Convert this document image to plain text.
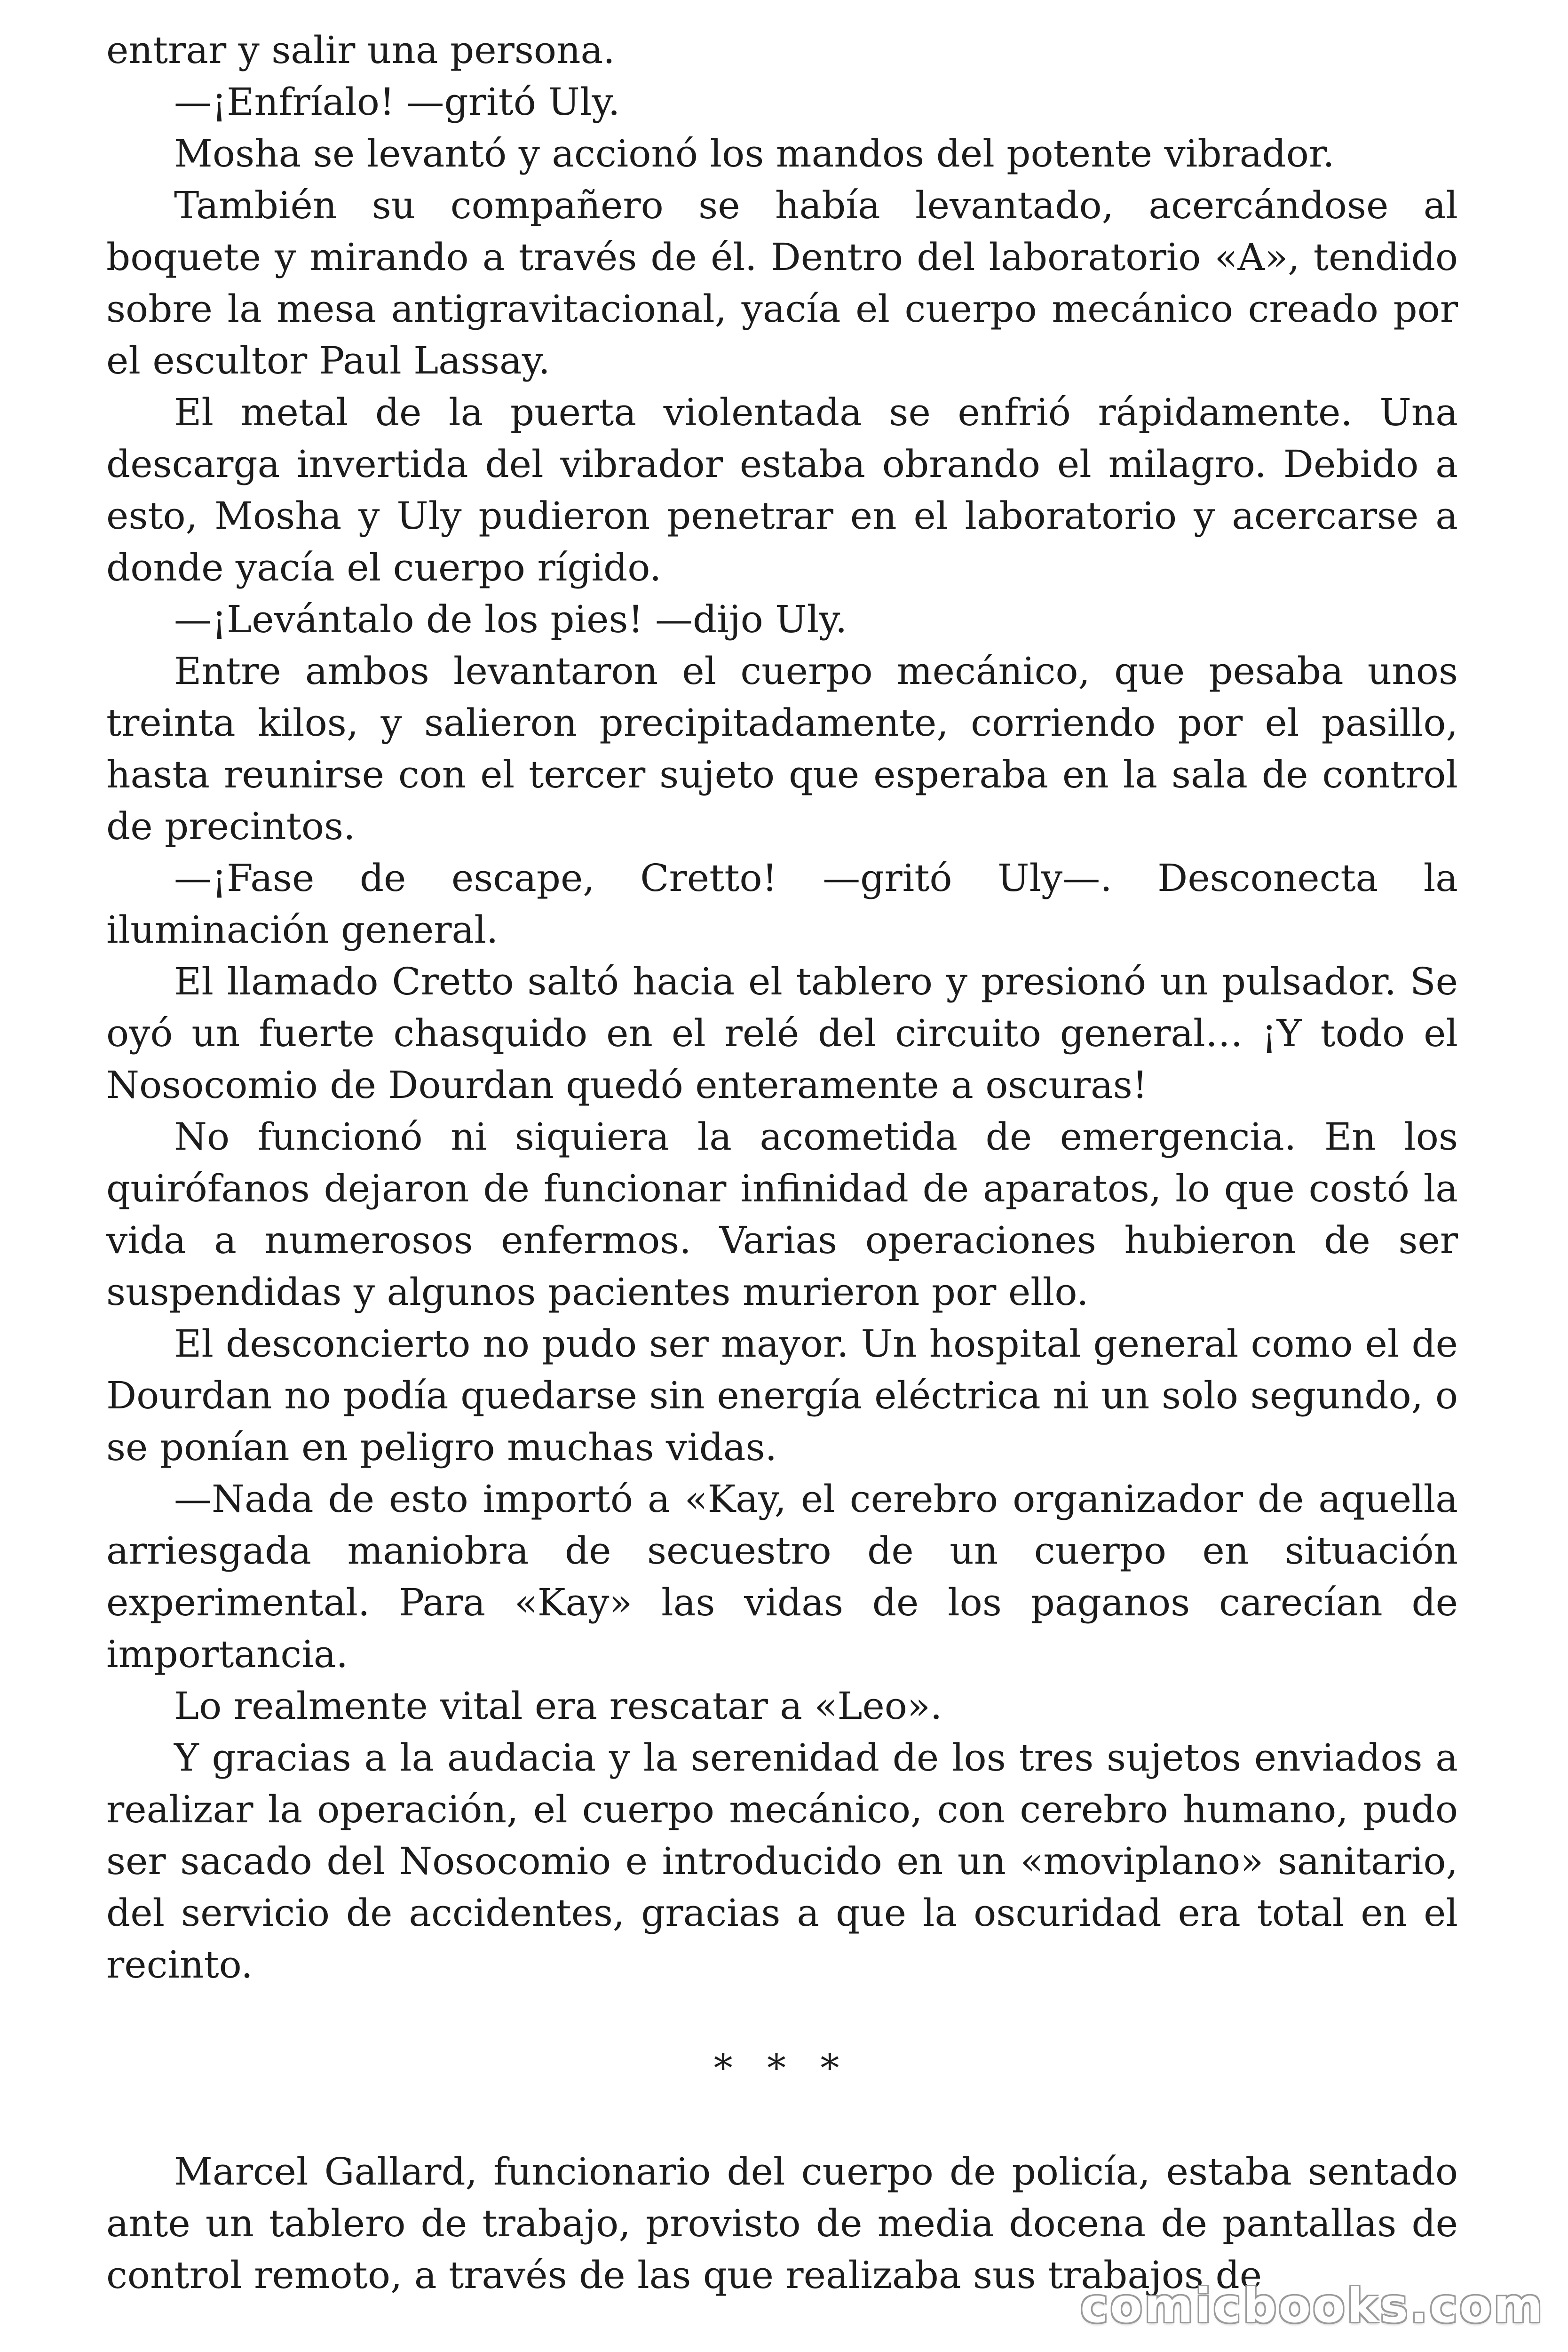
entrar y salir una persona.

—¡Enfríalo! —gritó Uly.

Mosha se levantó y accionó los mandos del potente vibrador.

También su compañero se había levantado, acercándose al boquete y mirando a través de él. Dentro del laboratorio «A», tendido sobre la mesa antigravitacional, yacía el cuerpo mecánico creado por el escultor Paul Lassay.

El metal de la puerta violentada se enfrió rápidamente. Una descarga invertida del vibrador estaba obrando el milagro. Debido a esto, Mosha y Uly pudieron penetrar en el laboratorio y acercarse a donde yacía el cuerpo rígido.

—¡Levántalo de los pies! —dijo Uly.

Entre ambos levantaron el cuerpo mecánico, que pesaba unos treinta kilos, y salieron precipitadamente, corriendo por el pasillo, hasta reunirse con el tercer sujeto que esperaba en la sala de control de precintos.

—¡Fase de escape, Cretto! —gritó Uly—. Desconecta la iluminación general.

El llamado Cretto saltó hacia el tablero y presionó un pulsador. Se oyó un fuerte chasquido en el relé del circuito general… ¡Y todo el Nosocomio de Dourdan quedó enteramente a oscuras!

No funcionó ni siquiera la acometida de emergencia. En los quirófanos dejaron de funcionar infinidad de aparatos, lo que costó la vida a numerosos enfermos. Varias operaciones hubieron de ser suspendidas y algunos pacientes murieron por ello.

El desconcierto no pudo ser mayor. Un hospital general como el de Dourdan no podía quedarse sin energía eléctrica ni un solo segundo, o se ponían en peligro muchas vidas.

—Nada de esto importó a «Kay, el cerebro organizador de aquella arriesgada maniobra de secuestro de un cuerpo en situación experimental. Para «Kay» las vidas de los paganos carecían de importancia.

Lo realmente vital era rescatar a «Leo».

Y gracias a la audacia y la serenidad de los tres sujetos enviados a realizar la operación, el cuerpo mecánico, con cerebro humano, pudo ser sacado del Nosocomio e introducido en un «moviplano» sanitario, del servicio de accidentes, gracias a que la oscuridad era total en el recinto.

* * *

Marcel Gallard, funcionario del cuerpo de policía, estaba sentado ante un tablero de trabajo, provisto de media docena de pantallas de control remoto, a través de las que realizaba sus trabajos de

comicbooks.com
